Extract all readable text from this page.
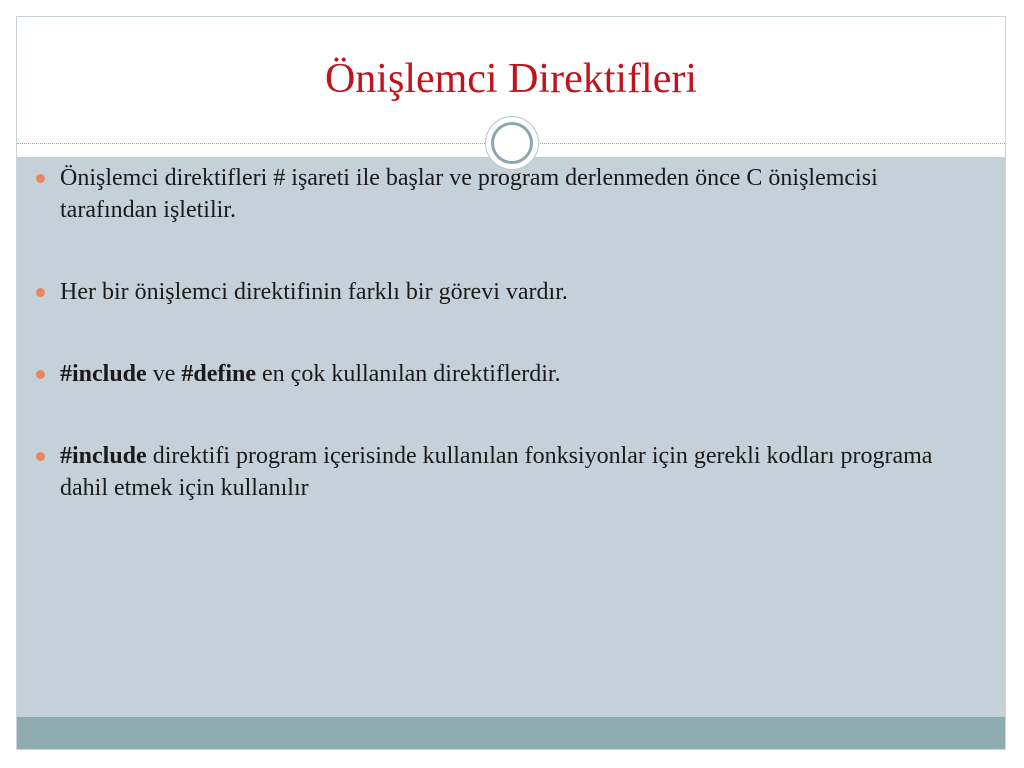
Önişlemci Direktifleri
Önişlemci direktifleri # işareti ile başlar ve program derlenmeden önce C önişlemcisi tarafından işletilir.
Her bir önişlemci direktifinin farklı bir görevi vardır.
#include ve #define en çok kullanılan direktiflerdir.
#include direktifi program içerisinde kullanılan fonksiyonlar için gerekli kodları programa dahil etmek için kullanılır
